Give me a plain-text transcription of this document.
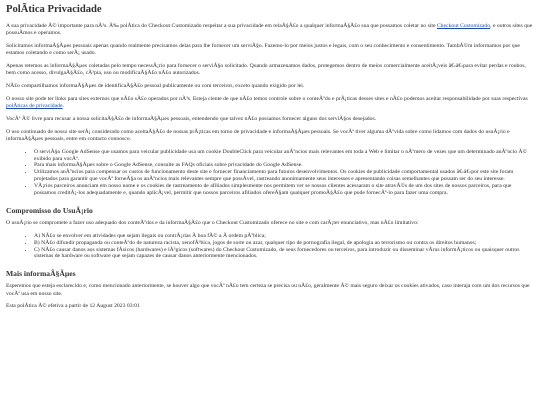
PolÃtica Privacidade

A sua privacidade Ã© importante para nÃ³s. Ã‰ polÃtica do Checkout Customizado respeitar a sua privacidade em relaÃ§Ã£o a qualquer informaÃ§Ã£o sua que possamos coletar no site Checkout Customizado, e outros sites que possuÃmos e operamos.

Solicitamos informaÃ§Ãµes pessoais apenas quando realmente precisamos delas para lhe fornecer um serviÃ§o. Fazemo-lo por meios justos e legais, com o seu conhecimento e consentimento. TambÃ©m informamos por que estamos coletando e como serÃ¡ usado.

Apenas retemos as informaÃ§Ãµes coletadas pelo tempo necessÃ¡rio para fornecer o serviÃ§o solicitado. Quando armazenamos dados, protegemos dentro de meios comercialmente aceitÃ¡veis â€‹â€‹para evitar perdas e roubos, bem como acesso, divulgaÃ§Ã£o, cÃ³pia, uso ou modificaÃ§Ã£o nÃ£o autorizados.

NÃ£o compartilhamos informaÃ§Ãµes de identificaÃ§Ã£o pessoal publicamente ou com terceiros, exceto quando exigido por lei.

O nosso site pode ter links para sites externos que nÃ£o sÃ£o operados por nÃ³s. Esteja ciente de que nÃ£o temos controle sobre o conteÃºdo e prÃ¡ticas desses sites e nÃ£o podemos aceitar responsabilidade por suas respectivas polÃticas de privacidade.

VocÃª Ã© livre para recusar a nossa solicitaÃ§Ã£o de informaÃ§Ãµes pessoais, entendendo que talvez nÃ£o possamos fornecer alguns dos serviÃ§os desejados.

O uso continuado de nosso site serÃ¡ considerado como aceitaÃ§Ã£o de nossas prÃ¡ticas em torno de privacidade e informaÃ§Ãµes pessoais. Se vocÃª tiver alguma dÃºvida sobre como lidamos com dados do usuÃ¡rio e informaÃ§Ãµes pessoais, entre em contacto connosco.

• O serviÃ§o Google AdSense que usamos para veicular publicidade usa um cookie DoubleClick para veicular anÃºncios mais relevantes em toda a Web e limitar o nÃºmero de vezes que um determinado anÃºncio Ã© exibido para vocÃª.
• Para mais informaÃ§Ãµes sobre o Google AdSense, consulte as FAQs oficiais sobre privacidade do Google AdSense.
• Utilizamos anÃºncios para compensar os custos de funcionamento deste site e fornecer financiamento para futuros desenvolvimentos. Os cookies de publicidade comportamental usados â€‹â€‹por este site foram projetados para garantir que vocÃª forneÃ§a os anÃºncios mais relevantes sempre que possÃvel, rastreando anonimamente seus interesses e apresentando coisas semelhantes que possam ser do seu interesse.
• VÃ¡rios parceiros anunciam em nosso nome e os cookies de rastreamento de afiliados simplesmente nos permitem ver se nossos clientes acessaram o site atravÃ©s de um dos sites de nossos parceiros, para que possamos creditÃ¡-los adequadamente e, quando aplicÃ¡vel, permitir que nossos parceiros afiliados ofereÃ§am qualquer promoÃ§Ã£o que pode fornecÃª-lo para fazer uma compra.
Compromisso do UsuÃ¡rio

O usuÃ¡rio se compromete a fazer uso adequado dos conteÃºdos e da informaÃ§Ã£o que o Checkout Customizado oferece no site e com carÃ¡ter enunciativo, mas nÃ£o limitativo:

• A) NÃ£o se envolver em atividades que sejam ilegais ou contrÃ¡rias Ã boa fÃ© a Ã ordem pÃºblica;
• B) NÃ£o difundir propaganda ou conteÃºdo de natureza racista, xenofÃ³bica, jogos de sorte ou azar, qualquer tipo de pornografia ilegal, de apologia ao terrorismo ou contra os direitos humanos;
• C) NÃ£o causar danos aos sistemas fÃsicos (hardwares) e lÃ³gicos (softwares) do Checkout Customizado, de seus fornecedores ou terceiros, para introduzir ou disseminar vÃrus informÃ¡ticos ou quaisquer outros sistemas de hardware ou software que sejam capazes de causar danos anteriormente mencionados.
Mais informaÃ§Ãµes

Esperemos que esteja esclarecido e, como mencionado anteriormente, se houver algo que vocÃª nÃ£o tem certeza se precisa ou nÃ£o, geralmente Ã© mais seguro deixar os cookies ativados, caso interaja com um dos recursos que vocÃª usa em nosso site.

Esta polÃtica Ã© efetiva a partir de 12 August 2023 03:01
